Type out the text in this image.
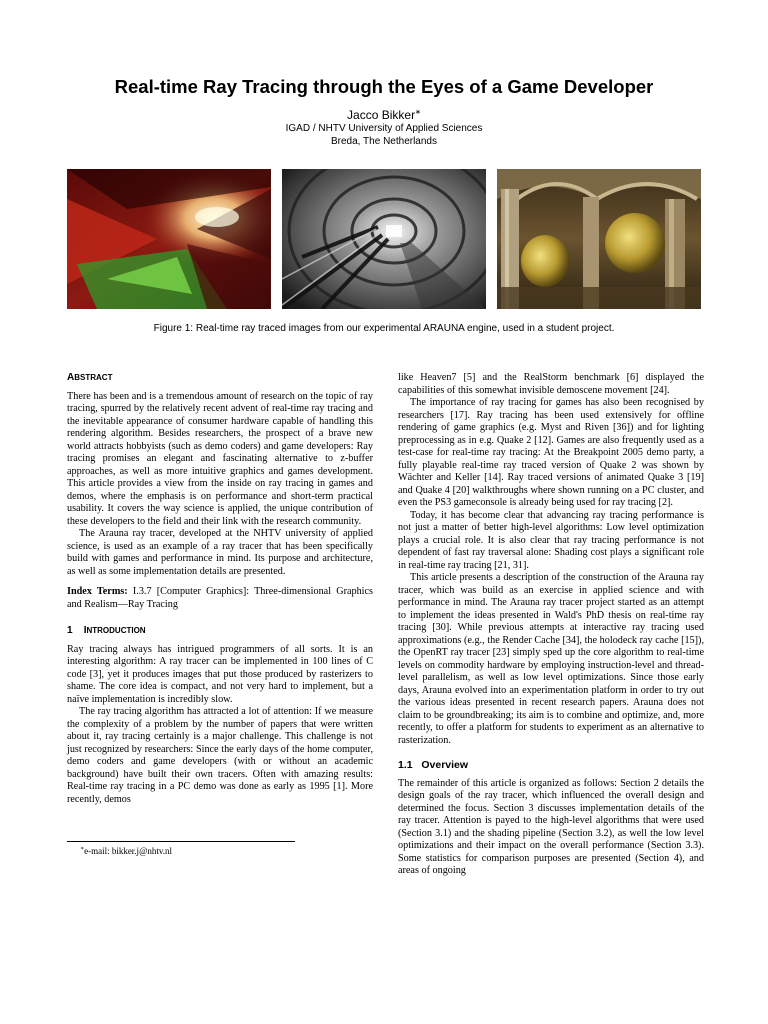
Real-time Ray Tracing through the Eyes of a Game Developer
Jacco Bikker∗
IGAD / NHTV University of Applied Sciences
Breda, The Netherlands
Figure 1: Real-time ray traced images from our experimental ARAUNA engine, used in a student project.
ABSTRACT

There has been and is a tremendous amount of research on the topic of ray tracing, spurred by the relatively recent advent of real-time ray tracing and the inevitable appearance of consumer hardware capable of handling this rendering algorithm. Besides researchers, the prospect of a brave new world attracts hobbyists (such as demo coders) and game developers: Ray tracing promises an elegant and fascinating alternative to z-buffer approaches, as well as more intuitive graphics and games development. This article provides a view from the inside on ray tracing in games and demos, where the emphasis is on performance and short-term practical usability. It covers the way science is applied, the unique contribution of these developers to the field and their link with the research community.

The Arauna ray tracer, developed at the NHTV university of applied science, is used as an example of a ray tracer that has been specifically build with games and performance in mind. Its purpose and architecture, as well as some implementation details are presented.

Index Terms: I.3.7 [Computer Graphics]: Three-dimensional Graphics and Realism—Ray Tracing

1 INTRODUCTION

Ray tracing always has intrigued programmers of all sorts. It is an interesting algorithm: A ray tracer can be implemented in 100 lines of C code [3], yet it produces images that put those produced by rasterizers to shame. The core idea is compact, and not very hard to implement, but a naïve implementation is incredibly slow.

The ray tracing algorithm has attracted a lot of attention: If we measure the complexity of a problem by the number of papers that were written about it, ray tracing certainly is a major challenge. This challenge is not just recognized by researchers: Since the early days of the home computer, demo coders and game developers (with or without an academic background) have built their own tracers. Often with amazing results: Real-time ray tracing in a PC demo was done as early as 1995 [1]. More recently, demos

∗e-mail: bikker.j@nhtv.nl

like Heaven7 [5] and the RealStorm benchmark [6] displayed the capabilities of this somewhat invisible demoscene movement [24].

The importance of ray tracing for games has also been recognised by researchers [17]. Ray tracing has been used extensively for offline rendering of game graphics (e.g. Myst and Riven [36]) and for lighting preprocessing as in e.g. Quake 2 [12]. Games are also frequently used as a test-case for real-time ray tracing: At the Breakpoint 2005 demo party, a fully playable real-time ray traced version of Quake 2 was shown by Wächter and Keller [14]. Ray traced versions of animated Quake 3 [19] and Quake 4 [20] walkthroughs where shown running on a PC cluster, and even the PS3 gameconsole is already being used for ray tracing [2].

Today, it has become clear that advancing ray tracing performance is not just a matter of better high-level algorithms: Low level optimization plays a crucial role. It is also clear that ray tracing performance is not dependent of fast ray traversal alone: Shading cost plays a significant role in real-time ray tracing [21, 31].

This article presents a description of the construction of the Arauna ray tracer, which was build as an exercise in applied science and with performance in mind. The Arauna ray tracer project started as an attempt to implement the ideas presented in Wald's PhD thesis on real-time ray tracing [30]. While previous attempts at interactive ray tracing used approximations (e.g., the Render Cache [34], the holodeck ray cache [15]), the OpenRT ray tracer [23] simply sped up the core algorithm to real-time levels on commodity hardware by employing instruction-level and thread-level parallelism, as well as low level optimizations. Since those early days, Arauna evolved into an experimentation platform in order to try out the various ideas presented in recent research papers. Arauna does not claim to be groundbreaking; its aim is to combine and optimize, and, more recently, to offer a platform for students to experiment as an alternative to rasterization.

1.1   Overview

The remainder of this article is organized as follows: Section 2 details the design goals of the ray tracer, which influenced the overall design and determined the focus. Section 3 discusses implementation details of the ray tracer. Attention is payed to the high-level algorithms that were used (Section 3.1) and the shading pipeline (Section 3.2), as well the low level optimizations and their impact on the overall performance (Section 3.3). Some statistics for comparison purposes are presented (Section 4), and areas of ongoing
